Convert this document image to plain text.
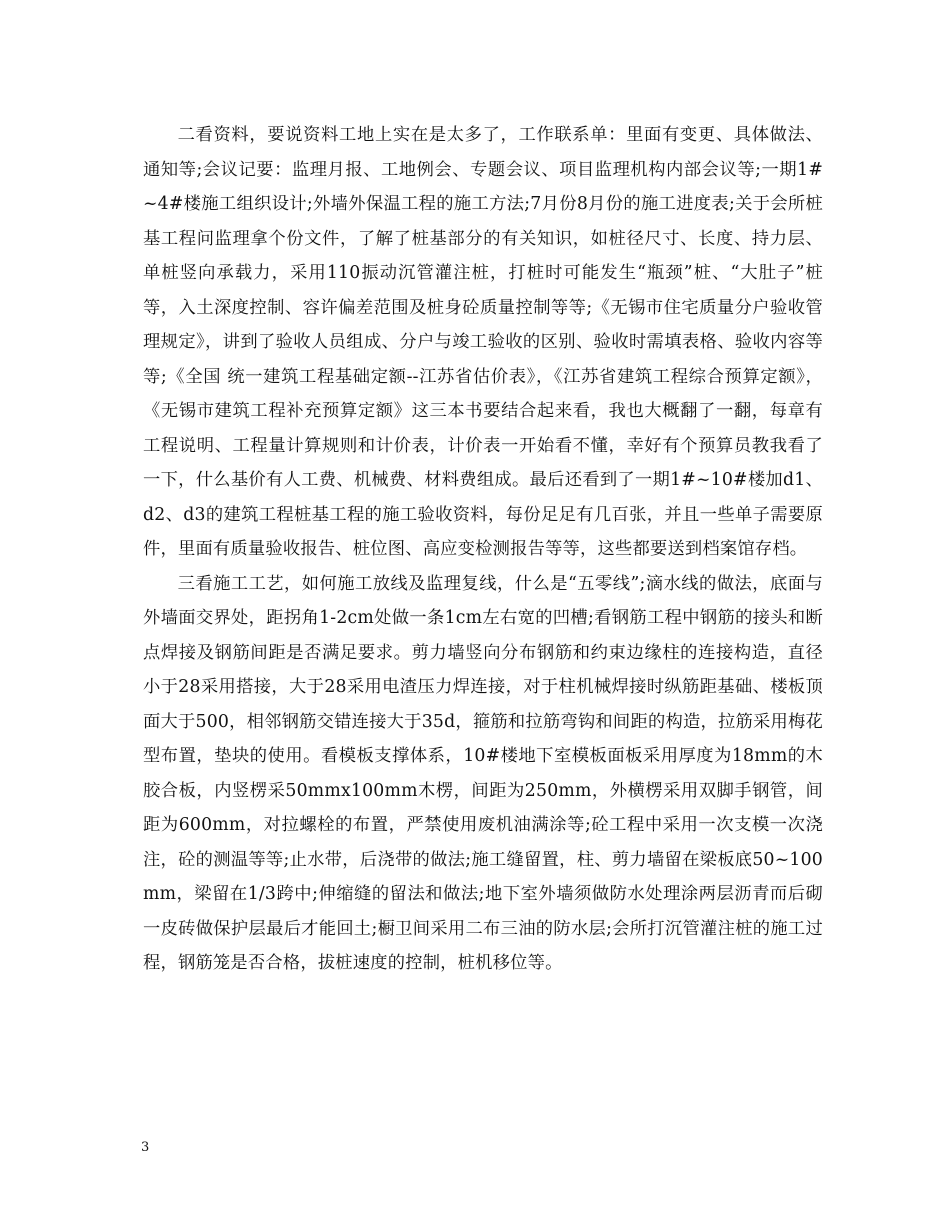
二看资料，要说资料工地上实在是太多了，工作联系单：里面有变更、具体做法、通知等;会议记要：监理月报、工地例会、专题会议、项目监理机构内部会议等;一期1#~4#楼施工组织设计;外墙外保温工程的施工方法;7月份8月份的施工进度表;关于会所桩基工程问监理拿个份文件，了解了桩基部分的有关知识，如桩径尺寸、长度、持力层、单桩竖向承载力，采用110振动沉管灌注桩，打桩时可能发生“瓶颈”桩、“大肚子”桩等，入土深度控制、容许偏差范围及桩身砼质量控制等等;《无锡市住宅质量分户验收管理规定》，讲到了验收人员组成、分户与竣工验收的区别、验收时需填表格、验收内容等等;《全国 统一建筑工程基础定额--江苏省估价表》，《江苏省建筑工程综合预算定额》，《无锡市建筑工程补充预算定额》这三本书要结合起来看，我也大概翻了一翻，每章有工程说明、工程量计算规则和计价表，计价表一开始看不懂，幸好有个预算员教我看了一下，什么基价有人工费、机械费、材料费组成。最后还看到了一期1#~10#楼加d1、d2、d3的建筑工程桩基工程的施工验收资料，每份足足有几百张，并且一些单子需要原件，里面有质量验收报告、桩位图、高应变检测报告等等，这些都要送到档案馆存档。

三看施工工艺，如何施工放线及监理复线，什么是“五零线”;滴水线的做法，底面与外墙面交界处，距拐角1-2cm处做一条1cm左右宽的凹槽;看钢筋工程中钢筋的接头和断点焊接及钢筋间距是否满足要求。剪力墙竖向分布钢筋和约束边缘柱的连接构造，直径小于28采用搭接，大于28采用电渣压力焊连接，对于柱机械焊接时纵筋距基础、楼板顶面大于500，相邻钢筋交错连接大于35d，箍筋和拉筋弯钩和间距的构造，拉筋采用梅花型布置，垫块的使用。看模板支撑体系，10#楼地下室模板面板采用厚度为18mm的木胶合板，内竖楞采50mmx100mm木楞，间距为250mm，外横楞采用双脚手钢管，间距为600mm，对拉螺栓的布置，严禁使用废机油满涂等;砼工程中采用一次支模一次浇注，砼的测温等等;止水带，后浇带的做法;施工缝留置，柱、剪力墙留在梁板底50~100mm，梁留在1/3跨中;伸缩缝的留法和做法;地下室外墙须做防水处理涂两层沥青而后砌一皮砖做保护层最后才能回土;橱卫间采用二布三油的防水层;会所打沉管灌注桩的施工过程，钢筋笼是否合格，拔桩速度的控制，桩机移位等。

3
